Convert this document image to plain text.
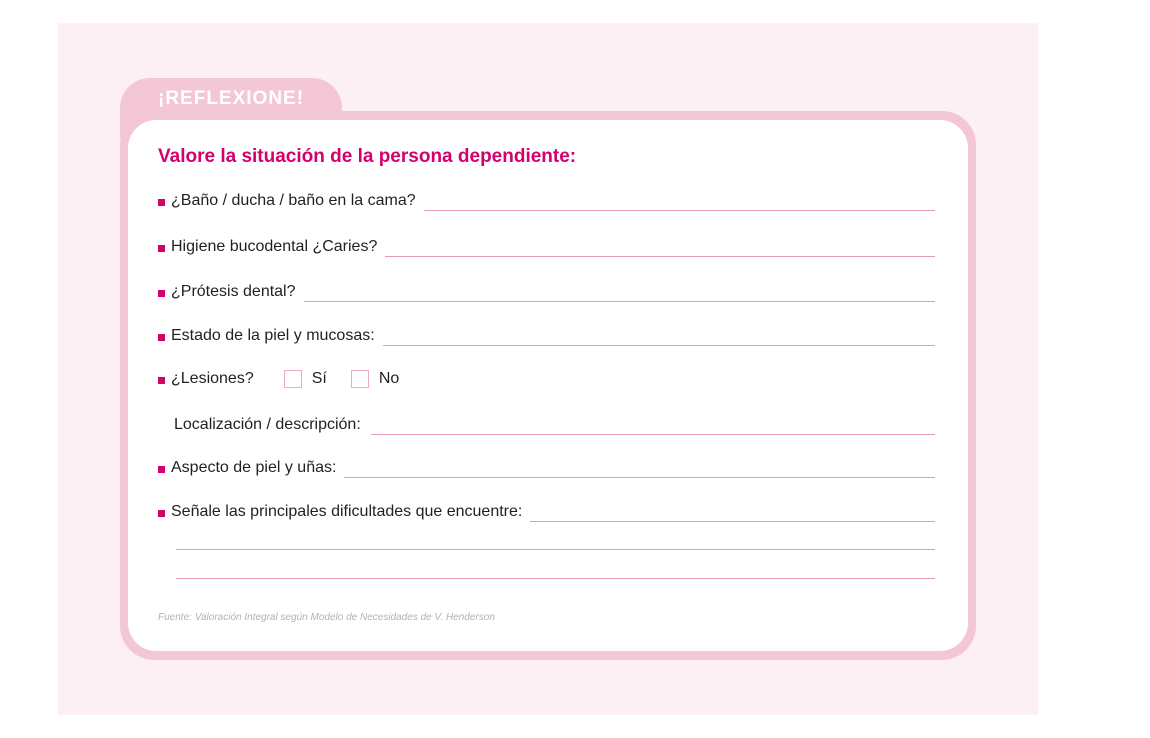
¡REFLEXIONE!
Valore la situación de la persona dependiente:
¿Baño / ducha / baño en la cama?
Higiene bucodental ¿Caries?
¿Prótesis dental?
Estado de la piel y mucosas:
¿Lesiones?	Sí	No
Localización / descripción:
Aspecto de piel y uñas:
Señale las principales dificultades que encuentre:
Fuente: Valoración Integral según Modelo de Necesidades de V. Henderson
